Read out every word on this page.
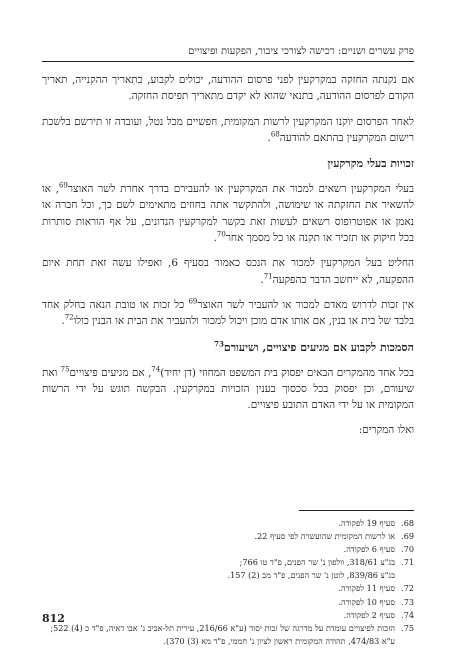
פרק עשרים ושניים: רכישה לצורכי ציבור, הפקעות ופיצויים

אם נקנתה החזקה במקרקעין לפני פרסום ההודעה, יכולים לקבוע, כתאריך ההקנייה, תאריך הקודם לפרסום ההודעה, בתנאי שהוא לא יקדם מתאריך תפיסת החזקה.

לאחר הפרסום יוקנו המקרקעין לרשות המקומית, חפשיים מכל נטל, ועובדה זו תירשם בלשכת רישום המקרקעין בהתאם להודעה$^{68}$.

זכויות בעלי מקרקעין

בעלי המקרקעין רשאים למכור את המקרקעין או להעבירם בדרך אחרת לשר האוצר$^{69}$, או להשאיר את החזקתה או שימושה, ולהתקשר אתה בחוזים מתאימים לשם כך, וכל חברה או נאמן או אפוטרופוס רשאים לעשות זאת בקשר למקרקעין הנדונים, על אף הוראות סותרות בכל חיקוק או תזכיר או תקנה או כל מסמך אחר$^{70}$.

החליט בעל המקרקעין למכור את הנכס כאמור בסעיף 6, ואפילו עשה זאת תחת איום ההפקעה, לא ייחשב הדבר כהפקעה$^{71}$.

אין זכות לדרוש מאדם למכור או להעביר לשר האוצר$^{69}$ כל זכות או טובת הנאה בחלק אחד בלבד של בית או בנין, אם אותו אדם מוכן ויכול למכור ולהעביר את הבית או הבנין כולו$^{72}$.

הסמכות לקבוע אם מגיעים פיצויים, ושיעורם$^{73}$

בכל אחד מהמקרים הבאים יפסוק בית המשפט המחוזי (דן יחיד)$^{74}$, אם מגיעים פיצויים$^{75}$ ואת שיעורם, וכן יפסוק בכל סכסוך בענין הזכויות במקרקעין. הבקשה תוגש על ידי הרשות המקומית או על ידי האדם התובע פיצויים.

ואלו המקרים:

68.
סעיף 19 לפקודה.
69.
או לרשות המקומית שהועשרה לפי סעיף 22.
70.
סעיף 6 לפקודה.
71.
בג"צ 318/61, וולפון נ' שר הפנים, פ"ד טו 766;
בג"צ 839/86, לוטן נ' שר הפנים, פ"ד מב (2) 157.
72.
סעיף 11 לפקודה.
73.
סעיף 10 לפקודה.
74.
סעיף 2 לפקודה.
75.
הזכות לפיצויים עומדת על מדרגה של זכות יסוד (ע"א 216/66, עירית תל-אביב נ' אבו דאיה, פ"ד כ (4) 522;
ע"א 474/83, תהודה המקומית ראשון לציון נ' חממי, פ"ד מא (3) 370).
812
